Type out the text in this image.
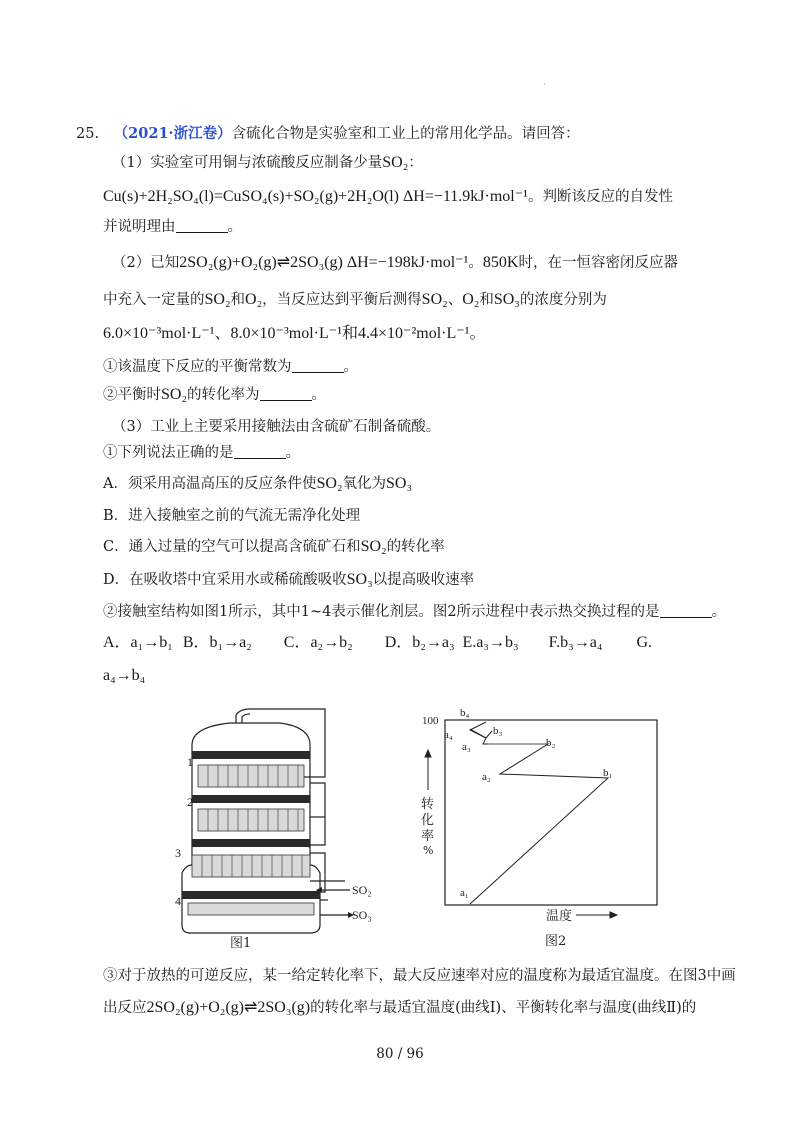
·
25. （2021·浙江卷）含硫化合物是实验室和工业上的常用化学品。请回答：
（1）实验室可用铜与浓硫酸反应制备少量SO₂：
Cu(s)+2H₂SO₄(l)=CuSO₄(s)+SO₂(g)+2H₂O(l) ΔH=−11.9kJ·mol⁻¹。判断该反应的自发性
并说明理由	。
（2）已知2SO₂(g)+O₂(g)⇌2SO₃(g) ΔH=−198kJ·mol⁻¹。850K时，在一恒容密闭反应器
中充入一定量的SO₂和O₂，当反应达到平衡后测得SO₂、O₂和SO₃的浓度分别为
6.0×10⁻³mol·L⁻¹、8.0×10⁻³mol·L⁻¹和4.4×10⁻²mol·L⁻¹。
①该温度下反应的平衡常数为	。
②平衡时SO₂的转化率为	。
（3）工业上主要采用接触法由含硫矿石制备硫酸。
①下列说法正确的是	。
A．须采用高温高压的反应条件使SO₂氧化为SO₃
B．进入接触室之前的气流无需净化处理
C．通入过量的空气可以提高含硫矿石和SO₂的转化率
D．在吸收塔中宜采用水或稀硫酸吸收SO₃以提高吸收速率
②接触室结构如图1所示，其中1~4表示催化剂层。图2所示进程中表示热交换过程的是	。
A．a₁→b₁ B．b₁→a₂ C．a₂→b₂ D．b₂→a₃ E.a₃→b₃ F.b₃→a₄ G.
a₄→b₄
1
2
3
4
SO₂
SO₃
图1
100
转
化
率
%
温度
图2
a₁
b₁
a₂
b₂
a₃
b₃
a₄
b₄
③对于放热的可逆反应，某一给定转化率下，最大反应速率对应的温度称为最适宜温度。在图3中画
出反应2SO₂(g)+O₂(g)⇌2SO₃(g)的转化率与最适宜温度(曲线Ⅰ)、平衡转化率与温度(曲线Ⅱ)的
80 / 96
